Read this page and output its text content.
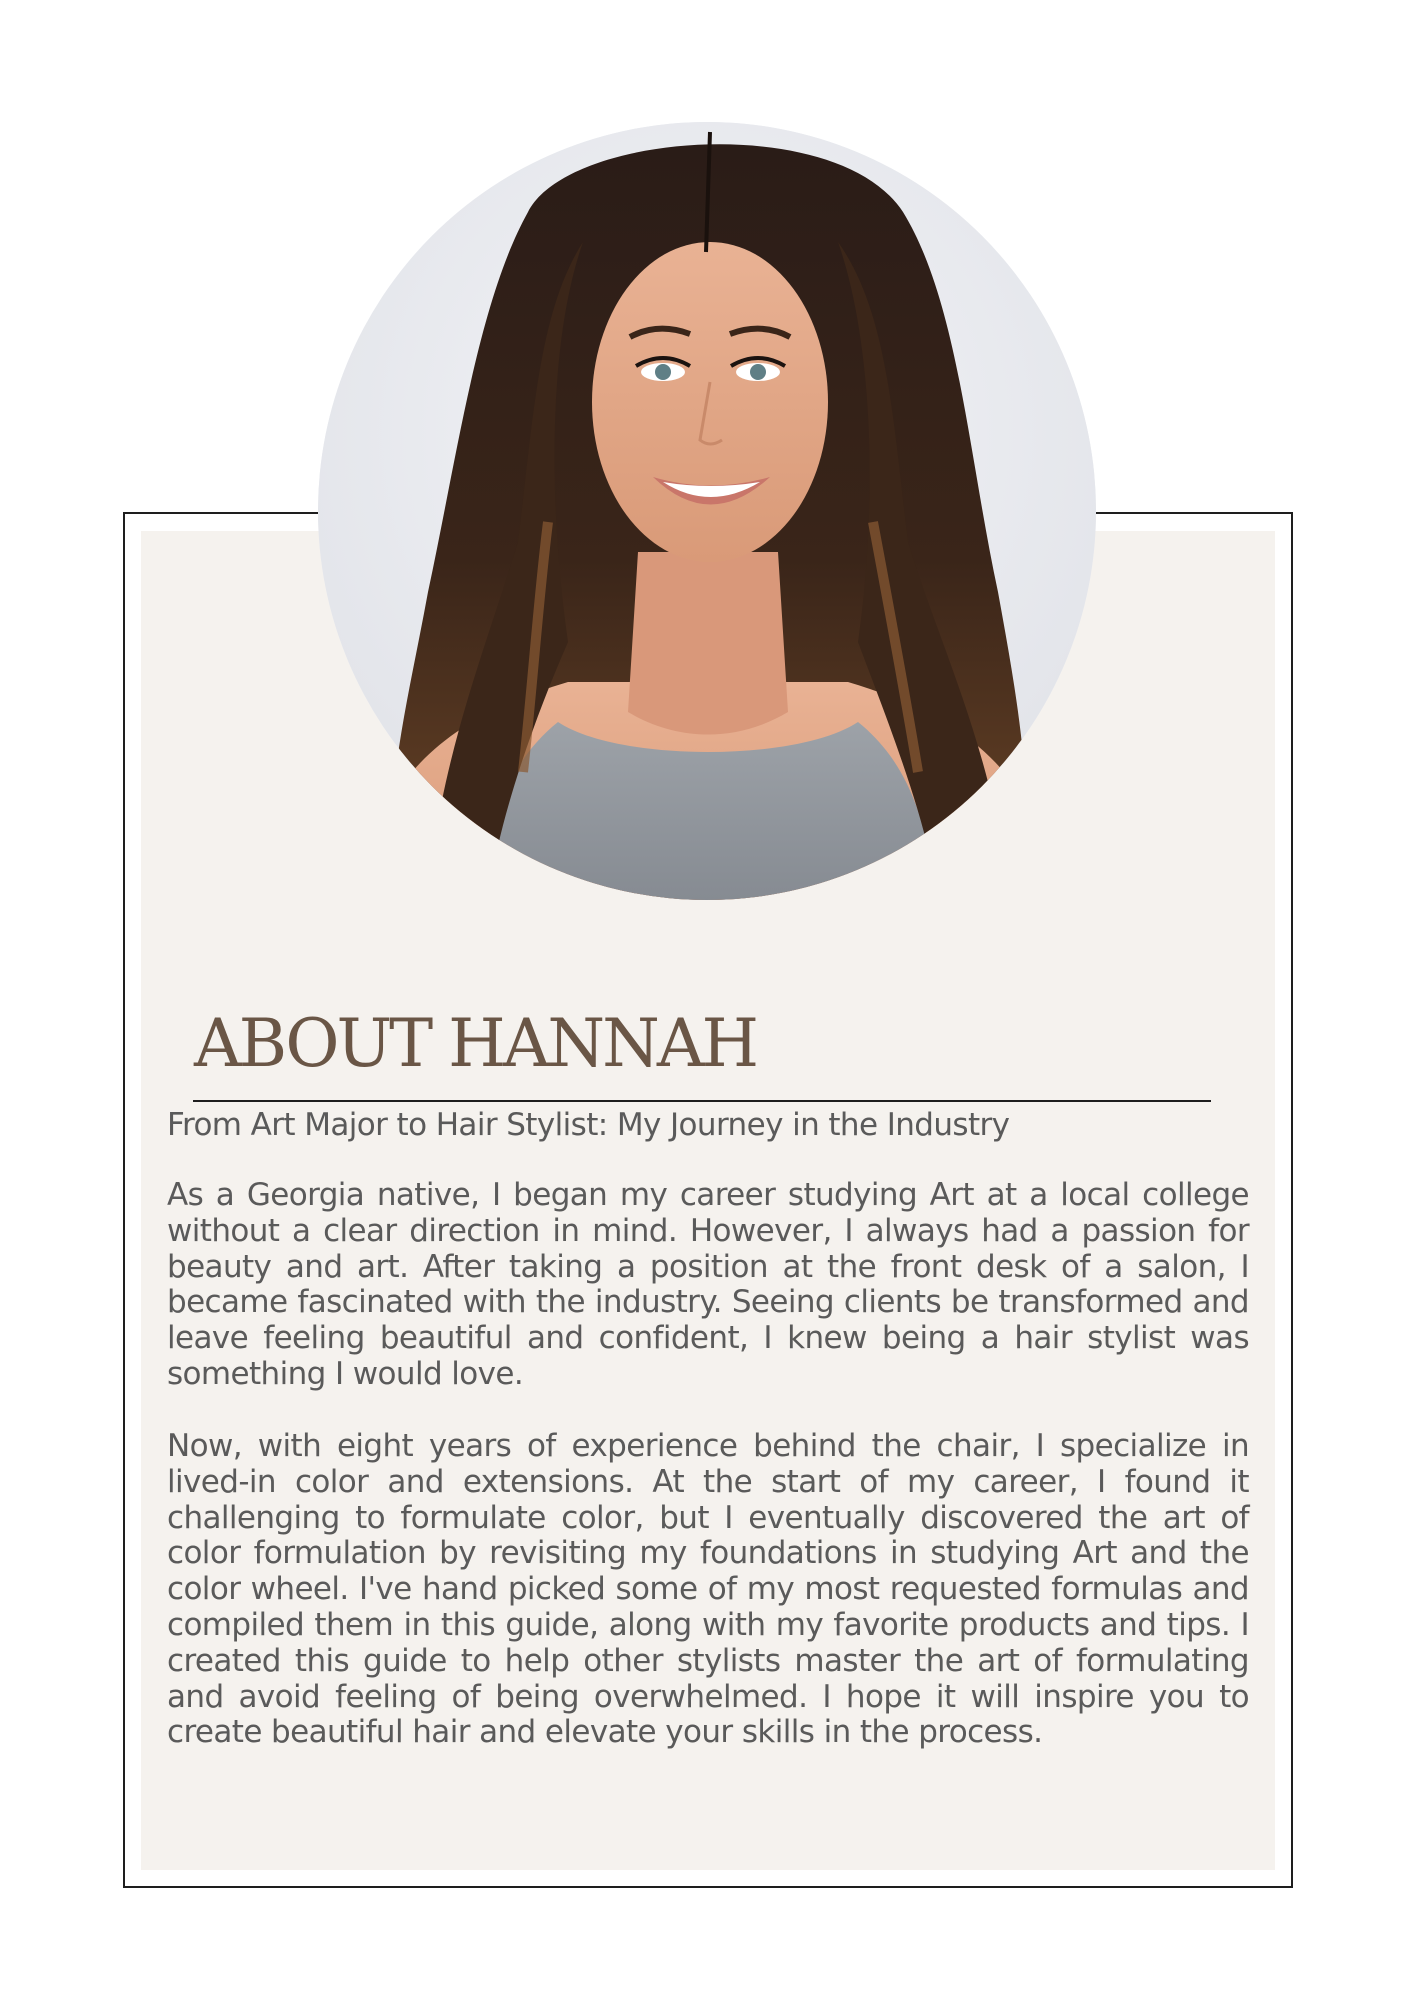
ABOUT HANNAH

From Art Major to Hair Stylist: My Journey in the Industry

As a Georgia native, I began my career studying Art at a local college without a clear direction in mind. However, I always had a passion for beauty and art. After taking a position at the front desk of a salon, I became fascinated with the industry. Seeing clients be transformed and leave feeling beautiful and confident, I knew being a hair stylist was something I would love.

Now, with eight years of experience behind the chair, I specialize in lived-in color and extensions. At the start of my career, I found it challenging to formulate color, but I eventually discovered the art of color formulation by revisiting my foundations in studying Art and the color wheel. I've hand picked some of my most requested formulas and compiled them in this guide, along with my favorite products and tips. I created this guide to help other stylists master the art of formulating and avoid feeling of being overwhelmed. I hope it will inspire you to create beautiful hair and elevate your skills in the process.
